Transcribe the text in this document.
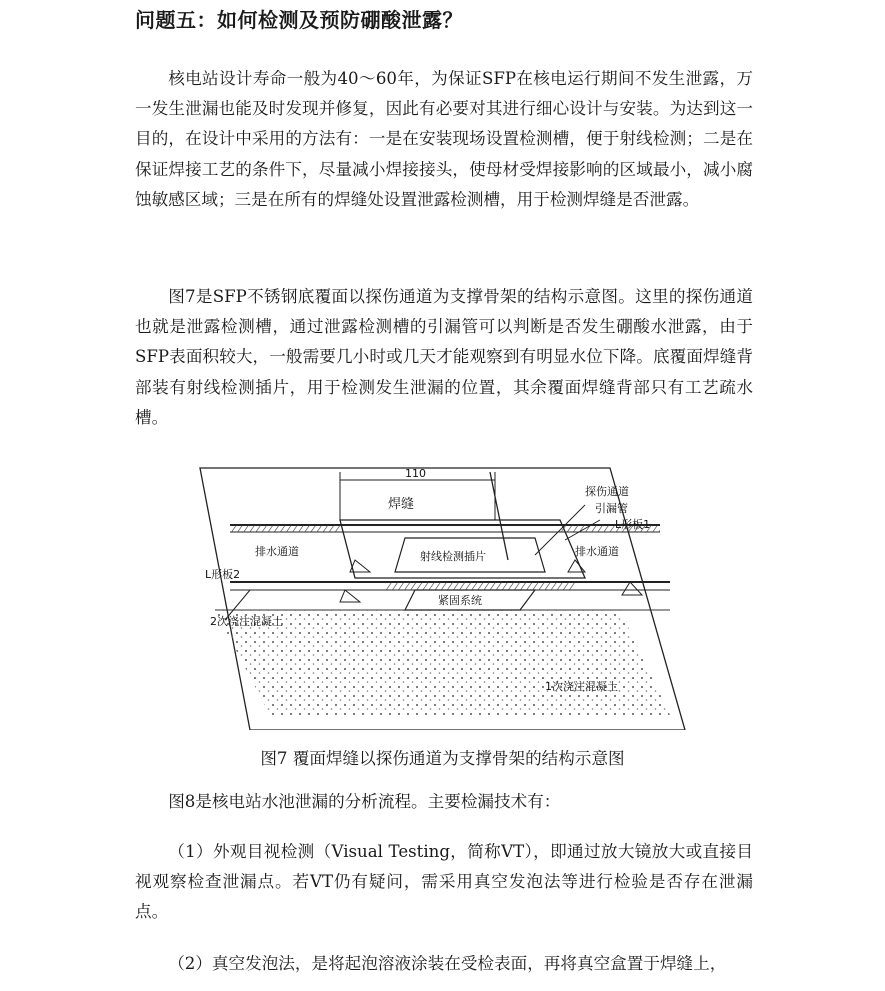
问题五：如何检测及预防硼酸泄露？

核电站设计寿命一般为40～60年，为保证SFP在核电运行期间不发生泄露，万一发生泄漏也能及时发现并修复，因此有必要对其进行细心设计与安装。为达到这一目的，在设计中采用的方法有：一是在安装现场设置检测槽，便于射线检测；二是在保证焊接工艺的条件下，尽量减小焊接接头，使母材受焊接影响的区域最小，减小腐蚀敏感区域；三是在所有的焊缝处设置泄露检测槽，用于检测焊缝是否泄露。

图7是SFP不锈钢底覆面以探伤通道为支撑骨架的结构示意图。这里的探伤通道也就是泄露检测槽，通过泄露检测槽的引漏管可以判断是否发生硼酸水泄露，由于SFP表面积较大，一般需要几小时或几天才能观察到有明显水位下降。底覆面焊缝背部装有射线检测插片，用于检测发生泄漏的位置，其余覆面焊缝背部只有工艺疏水槽。

110
焊缝
探伤通道
引漏管
L形板1
L形板2
排水通道	排水通道
射线检测插片
紧固系统
1次浇注混凝土
2次浇注混凝土
图7 覆面焊缝以探伤通道为支撑骨架的结构示意图

图8是核电站水池泄漏的分析流程。主要检漏技术有：

（1）外观目视检测（Visual Testing，简称VT），即通过放大镜放大或直接目视观察检查泄漏点。若VT仍有疑问，需采用真空发泡法等进行检验是否存在泄漏点。

（2）真空发泡法，是将起泡溶液涂装在受检表面，再将真空盒置于焊缝上，
